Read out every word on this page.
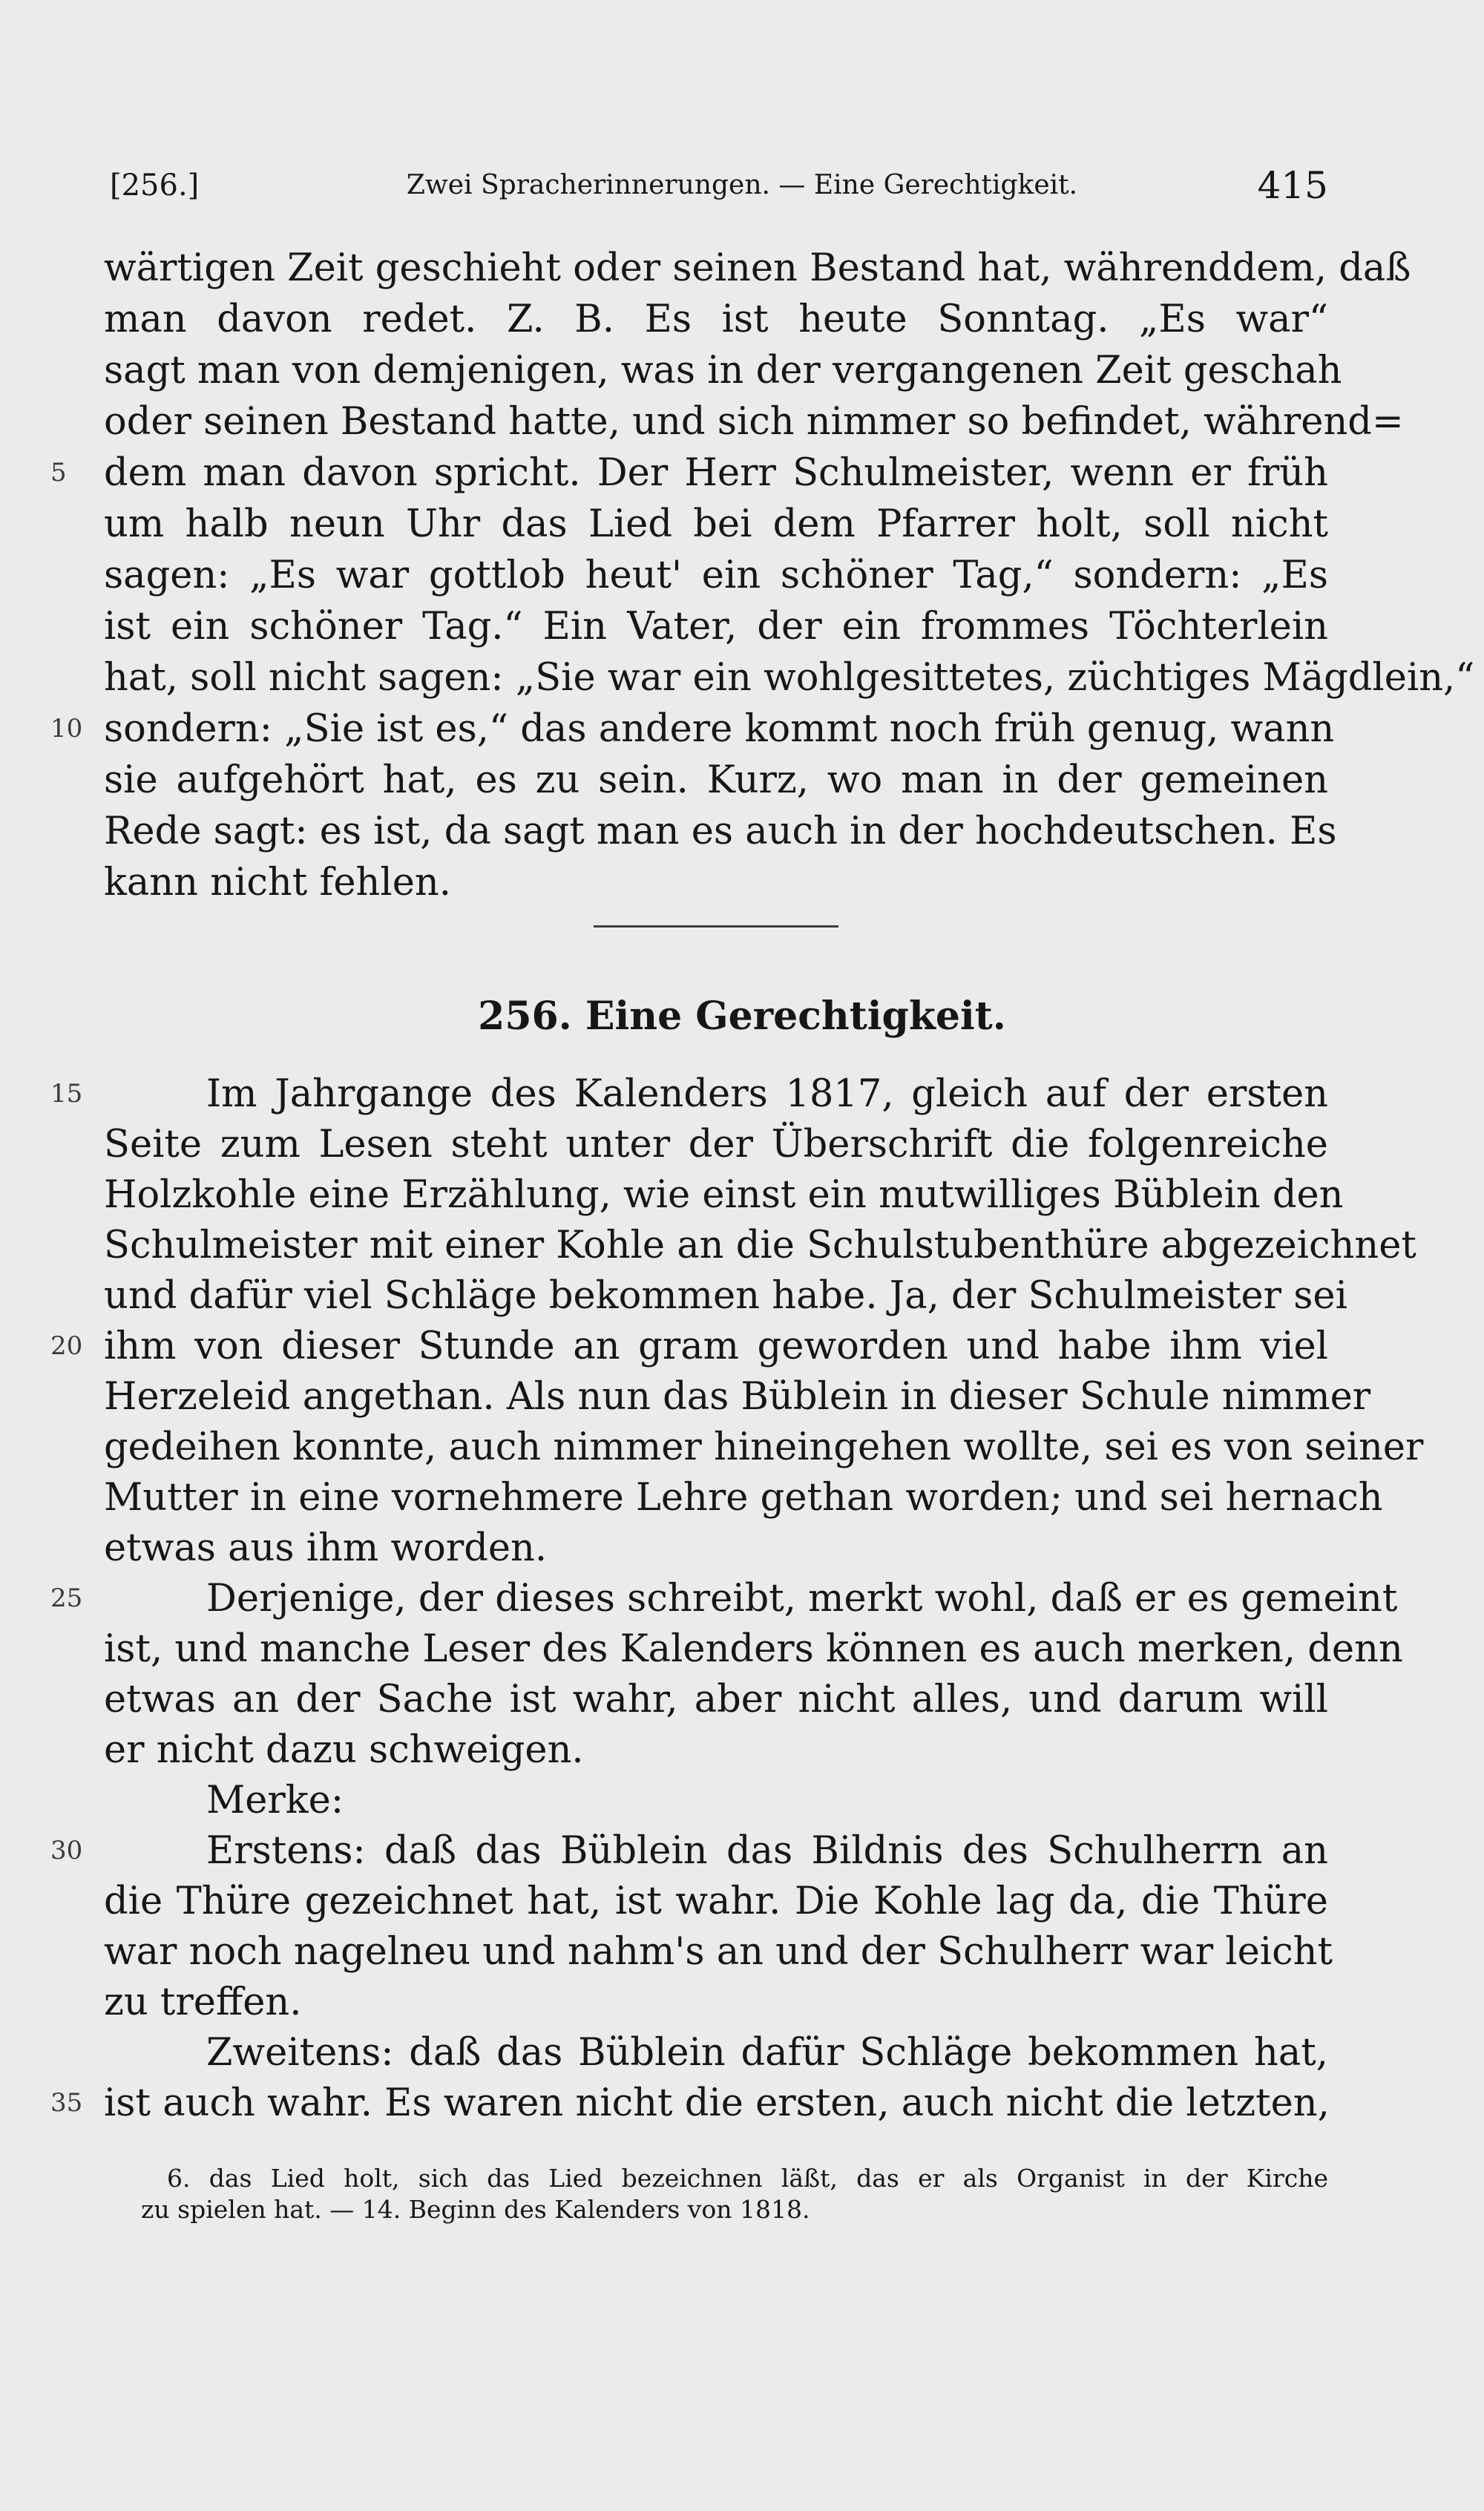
[256.]	Zwei Spracherinnerungen. — Eine Gerechtigkeit.	415
wärtigen Zeit geschieht oder seinen Bestand hat, währenddem, daß
man davon redet. Z. B. Es ist heute Sonntag. „Es war“
sagt man von demjenigen, was in der vergangenen Zeit geschah
oder seinen Bestand hatte, und sich nimmer so befindet, während=
dem man davon spricht. Der Herr Schulmeister, wenn er früh
um halb neun Uhr das Lied bei dem Pfarrer holt, soll nicht
sagen: „Es war gottlob heut' ein schöner Tag,“ sondern: „Es
ist ein schöner Tag.“ Ein Vater, der ein frommes Töchterlein
hat, soll nicht sagen: „Sie war ein wohlgesittetes, züchtiges Mägdlein,“
sondern: „Sie ist es,“ das andere kommt noch früh genug, wann
sie aufgehört hat, es zu sein. Kurz, wo man in der gemeinen
Rede sagt: es ist, da sagt man es auch in der hochdeutschen. Es
kann nicht fehlen.
5
10
256. Eine Gerechtigkeit.
Im Jahrgange des Kalenders 1817, gleich auf der ersten
Seite zum Lesen steht unter der Überschrift die folgenreiche
Holzkohle eine Erzählung, wie einst ein mutwilliges Büblein den
Schulmeister mit einer Kohle an die Schulstubenthüre abgezeichnet
und dafür viel Schläge bekommen habe. Ja, der Schulmeister sei
ihm von dieser Stunde an gram geworden und habe ihm viel
Herzeleid angethan. Als nun das Büblein in dieser Schule nimmer
gedeihen konnte, auch nimmer hineingehen wollte, sei es von seiner
Mutter in eine vornehmere Lehre gethan worden; und sei hernach
etwas aus ihm worden.
Derjenige, der dieses schreibt, merkt wohl, daß er es gemeint
ist, und manche Leser des Kalenders können es auch merken, denn
etwas an der Sache ist wahr, aber nicht alles, und darum will
er nicht dazu schweigen.
Merke:
Erstens: daß das Büblein das Bildnis des Schulherrn an
die Thüre gezeichnet hat, ist wahr. Die Kohle lag da, die Thüre
war noch nagelneu und nahm's an und der Schulherr war leicht
zu treffen.
Zweitens: daß das Büblein dafür Schläge bekommen hat,
ist auch wahr. Es waren nicht die ersten, auch nicht die letzten,
15
20
25
30
35
6. das Lied holt, sich das Lied bezeichnen läßt, das er als Organist in der Kirche
zu spielen hat. — 14. Beginn des Kalenders von 1818.
